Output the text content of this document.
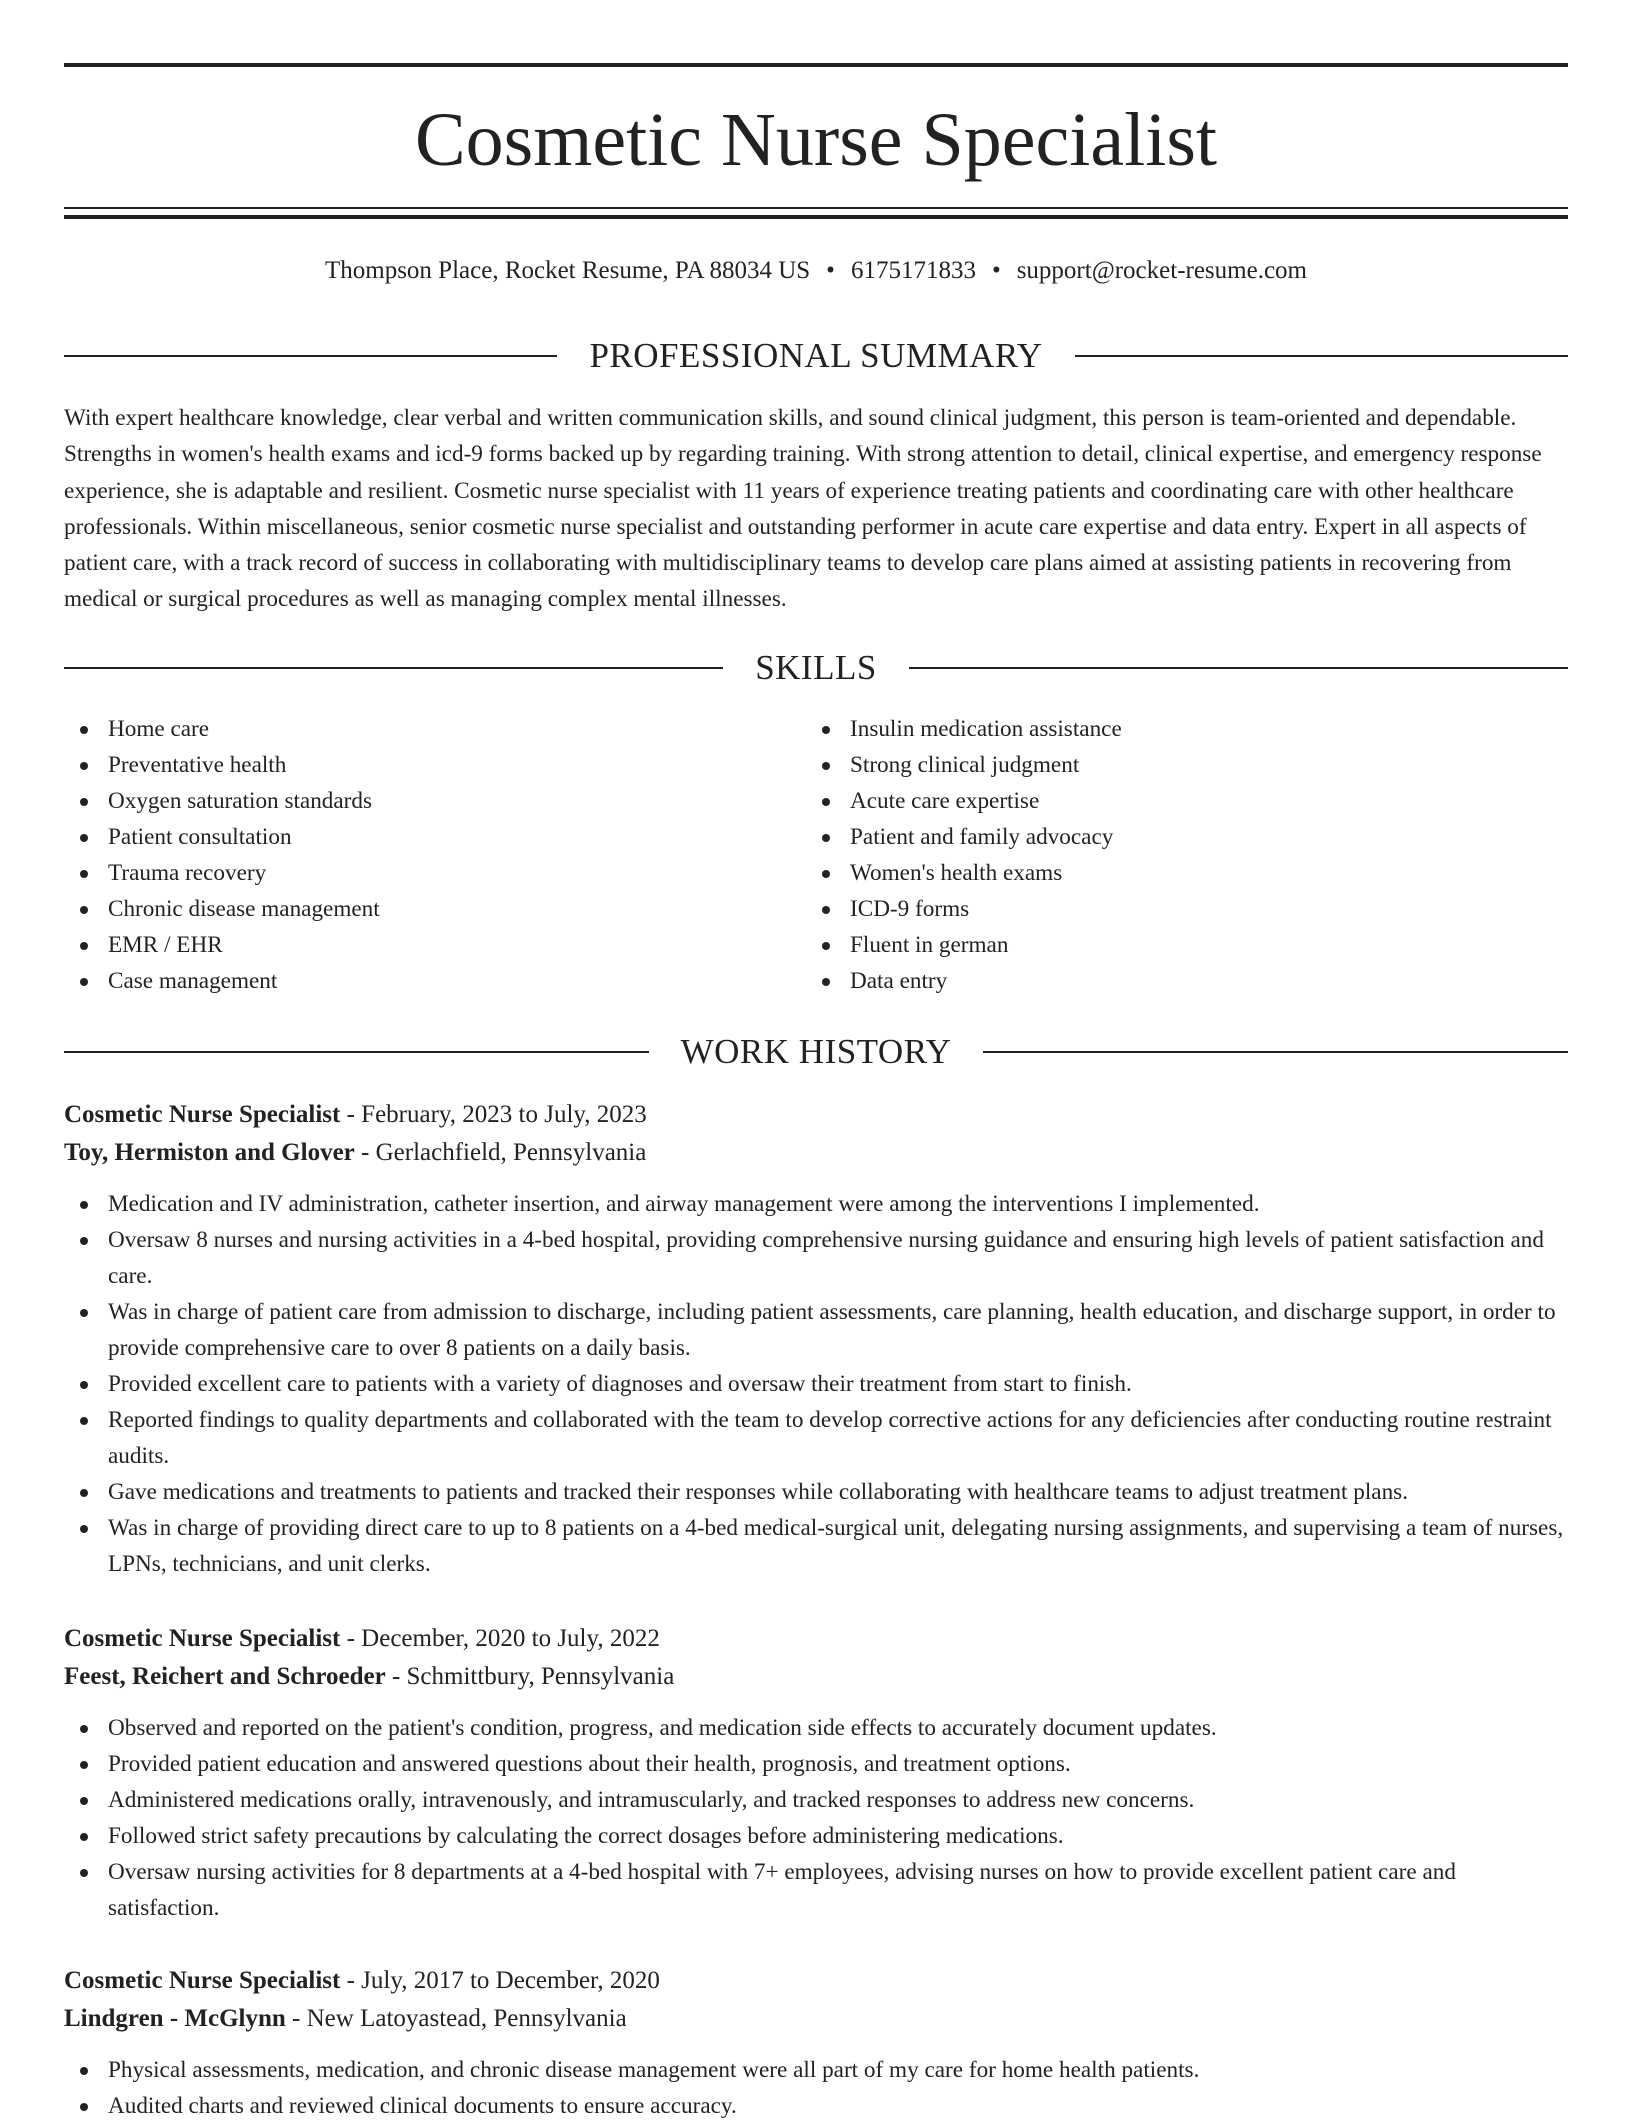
Cosmetic Nurse Specialist
Thompson Place, Rocket Resume, PA 88034 US • 6175171833 • support@rocket-resume.com
PROFESSIONAL SUMMARY

With expert healthcare knowledge, clear verbal and written communication skills, and sound clinical judgment, this person is team-oriented and dependable. Strengths in women's health exams and icd-9 forms backed up by regarding training. With strong attention to detail, clinical expertise, and emergency response experience, she is adaptable and resilient. Cosmetic nurse specialist with 11 years of experience treating patients and coordinating care with other healthcare professionals. Within miscellaneous, senior cosmetic nurse specialist and outstanding performer in acute care expertise and data entry. Expert in all aspects of patient care, with a track record of success in collaborating with multidisciplinary teams to develop care plans aimed at assisting patients in recovering from medical or surgical procedures as well as managing complex mental illnesses.

SKILLS
Home care
Preventative health
Oxygen saturation standards
Patient consultation
Trauma recovery
Chronic disease management
EMR / EHR
Case management
Insulin medication assistance
Strong clinical judgment
Acute care expertise
Patient and family advocacy
Women's health exams
ICD-9 forms
Fluent in german
Data entry
WORK HISTORY
Cosmetic Nurse Specialist - February, 2023 to July, 2023
Toy, Hermiston and Glover - Gerlachfield, Pennsylvania
Medication and IV administration, catheter insertion, and airway management were among the interventions I implemented.
Oversaw 8 nurses and nursing activities in a 4-bed hospital, providing comprehensive nursing guidance and ensuring high levels of patient satisfaction and care.
Was in charge of patient care from admission to discharge, including patient assessments, care planning, health education, and discharge support, in order to provide comprehensive care to over 8 patients on a daily basis.
Provided excellent care to patients with a variety of diagnoses and oversaw their treatment from start to finish.
Reported findings to quality departments and collaborated with the team to develop corrective actions for any deficiencies after conducting routine restraint audits.
Gave medications and treatments to patients and tracked their responses while collaborating with healthcare teams to adjust treatment plans.
Was in charge of providing direct care to up to 8 patients on a 4-bed medical-surgical unit, delegating nursing assignments, and supervising a team of nurses, LPNs, technicians, and unit clerks.
Cosmetic Nurse Specialist - December, 2020 to July, 2022
Feest, Reichert and Schroeder - Schmittbury, Pennsylvania
Observed and reported on the patient's condition, progress, and medication side effects to accurately document updates.
Provided patient education and answered questions about their health, prognosis, and treatment options.
Administered medications orally, intravenously, and intramuscularly, and tracked responses to address new concerns.
Followed strict safety precautions by calculating the correct dosages before administering medications.
Oversaw nursing activities for 8 departments at a 4-bed hospital with 7+ employees, advising nurses on how to provide excellent patient care and satisfaction.
Cosmetic Nurse Specialist - July, 2017 to December, 2020
Lindgren - McGlynn - New Latoyastead, Pennsylvania
Physical assessments, medication, and chronic disease management were all part of my care for home health patients.
Audited charts and reviewed clinical documents to ensure accuracy.
